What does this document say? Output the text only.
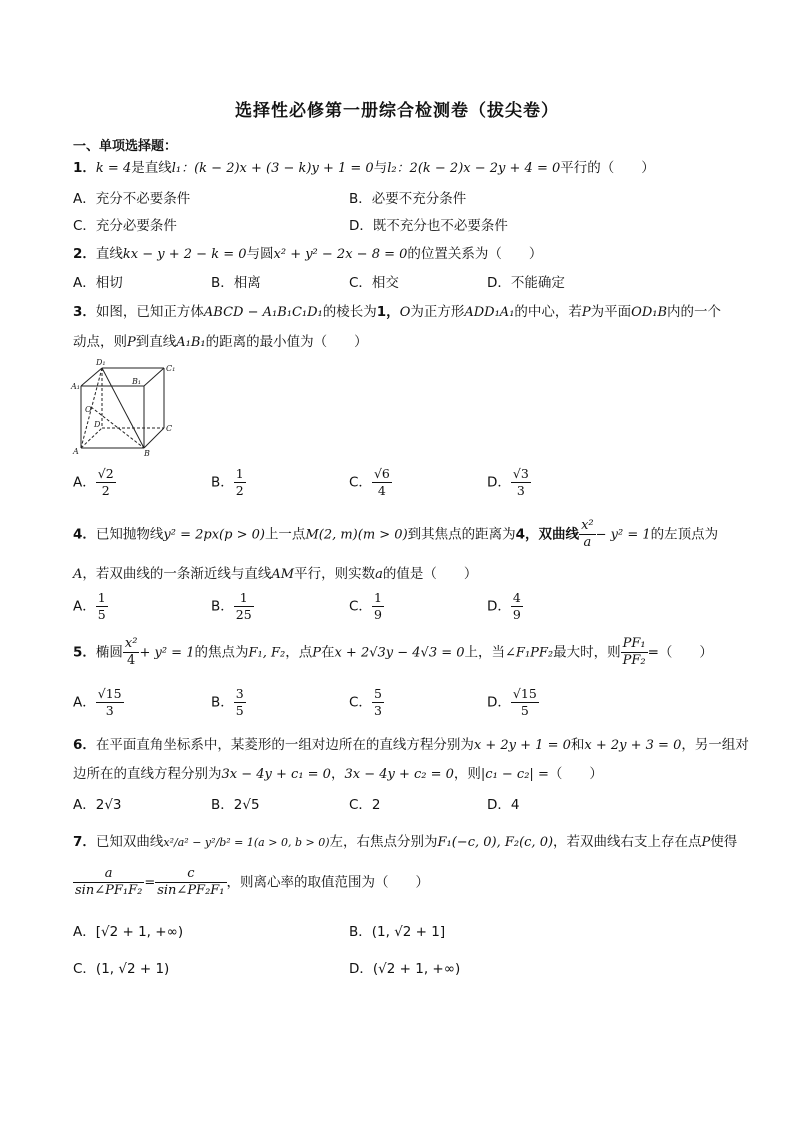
选择性必修第一册综合检测卷（拔尖卷）
一、单项选择题：
1．k = 4是直线l₁：(k − 2)x + (3 − k)y + 1 = 0与l₂：2(k − 2)x − 2y + 4 = 0平行的（　　）
A．充分不必要条件	B．必要不充分条件
C．充分必要条件	D．既不充分也不必要条件
2．直线kx − y + 2 − k = 0与圆x² + y² − 2x − 8 = 0的位置关系为（　　）
A．相切	B．相离	C．相交	D．不能确定
3．如图，已知正方体ABCD − A₁B₁C₁D₁的棱长为1，O为正方形ADD₁A₁的中心，若P为平面OD₁B内的一个
动点，则P到直线A₁B₁的距离的最小值为（　　）
D₁
C₁
A₁
B₁
O
D	C
A	B
A． $\frac{√2}{2}$	B． $\frac{1}{2}$	C． $\frac{√6}{4}$	D． $\frac{√3}{3}$
4．已知抛物线y² = 2px(p > 0)上一点M(2, m)(m > 0)到其焦点的距离为4，双曲线 $\frac{\text{x²}}{a} - y^2 = 1$的左顶点为
A，若双曲线的一条渐近线与直线AM平行，则实数a的值是（　　）
A． $\frac{1}{5}$	B． $\frac{1}{25}$	C． $\frac{1}{9}$	D． $\frac{4}{9}$
5．椭圆 $\frac{\text{x²}}{4} + y^2 = 1$的焦点为F₁, F₂，点P在x + 2√3y − 4√3 = 0上，当∠F₁PF₂最大时，则 $\frac{\text{PF₁}}{\text{PF₂}}$ =（　　）
A． $\frac{√15}{3}$	B． $\frac{3}{5}$	C． $\frac{5}{3}$	D． $\frac{√15}{5}$
6．在平面直角坐标系中，某菱形的一组对边所在的直线方程分别为x + 2y + 1 = 0和x + 2y + 3 = 0，另一组对
边所在的直线方程分别为3x − 4y + c₁ = 0，3x − 4y + c₂ = 0，则|c₁ − c₂| =（　　）
A．2√3	B．2√5	C．2	D．4
7．已知双曲线x²/a² − y²/b² = 1(a > 0, b > 0)左，右焦点分别为F₁(−c, 0), F₂(c, 0)，若双曲线右支上存在点P使得
$\frac{a}{\text{sin∠PF₁F₂}} = \frac{c}{\text{sin∠PF₂F₁}}$ ，则离心率的取值范围为（　　）
A．[√2 + 1, +∞)	B．(1, √2 + 1]
C．(1, √2 + 1)	D．(√2 + 1, +∞)
